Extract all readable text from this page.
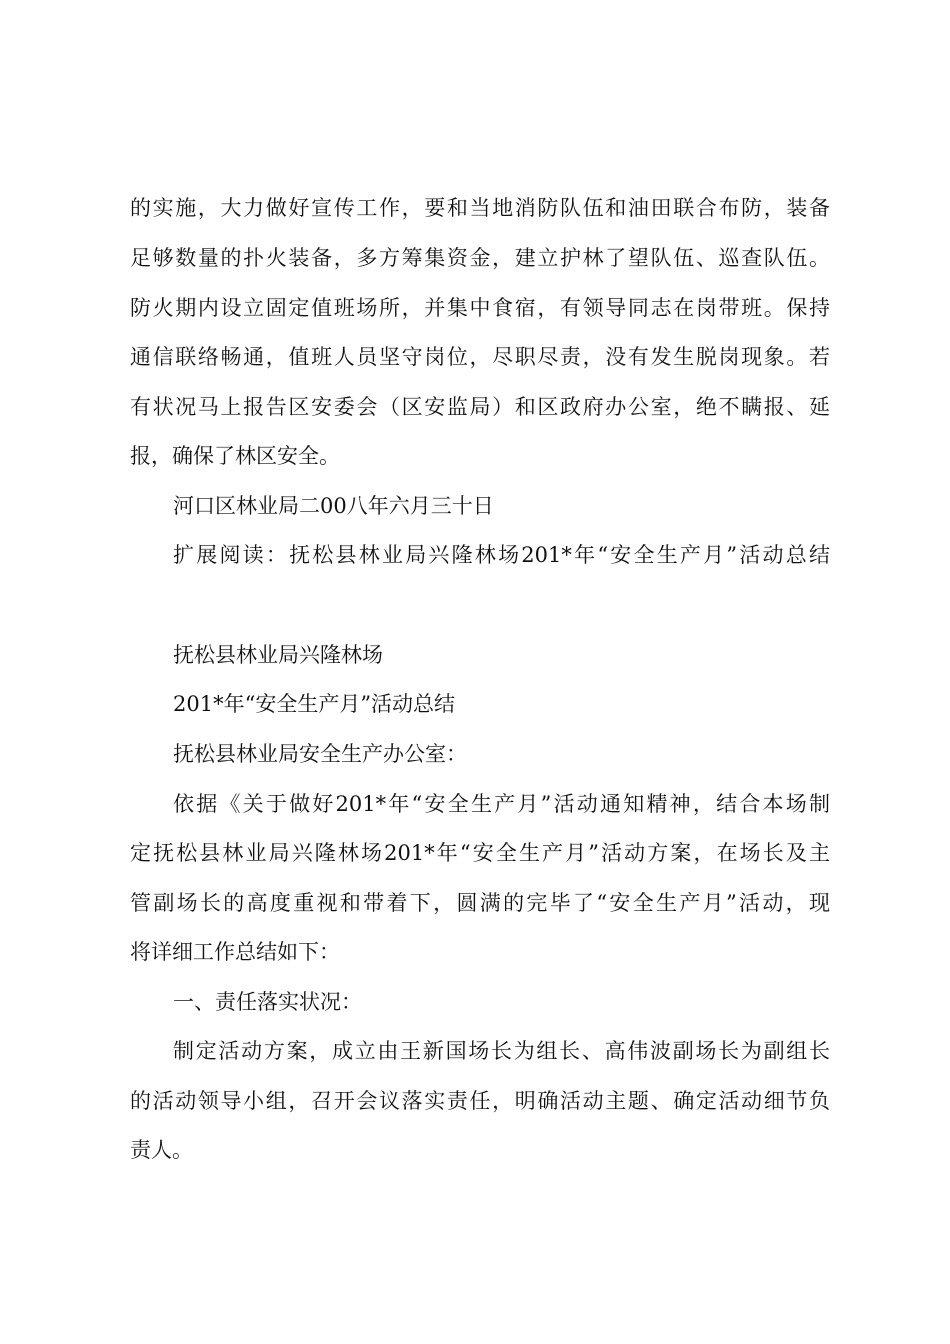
的实施，大力做好宣传工作，要和当地消防队伍和油田联合布防，装备
足够数量的扑火装备，多方筹集资金，建立护林了望队伍、巡查队伍。
防火期内设立固定值班场所，并集中食宿，有领导同志在岗带班。保持
通信联络畅通，值班人员坚守岗位，尽职尽责，没有发生脱岗现象。若
有状况马上报告区安委会（区安监局）和区政府办公室，绝不瞒报、延
报，确保了林区安全。
河口区林业局二00八年六月三十日
扩展阅读：抚松县林业局兴隆林场201*年“安全生产月”活动总结
抚松县林业局兴隆林场
201*年“安全生产月”活动总结
抚松县林业局安全生产办公室：
依据《关于做好201*年“安全生产月”活动通知精神，结合本场制
定抚松县林业局兴隆林场201*年“安全生产月”活动方案，在场长及主
管副场长的高度重视和带着下，圆满的完毕了“安全生产月”活动，现
将详细工作总结如下：
一、责任落实状况：
制定活动方案，成立由王新国场长为组长、高伟波副场长为副组长
的活动领导小组，召开会议落实责任，明确活动主题、确定活动细节负
责人。
